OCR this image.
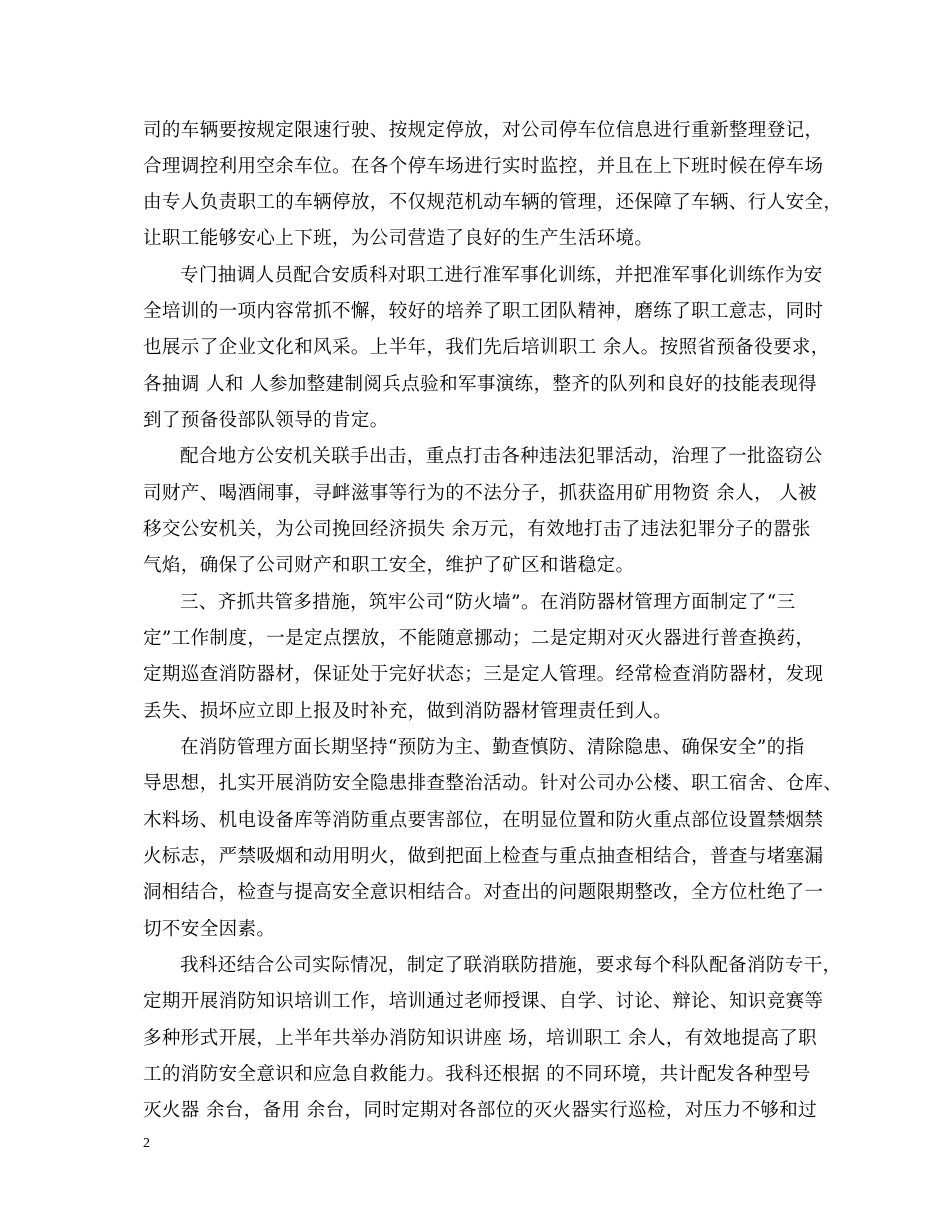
司的车辆要按规定限速行驶、按规定停放，对公司停车位信息进行重新整理登记，
合理调控利用空余车位。在各个停车场进行实时监控，并且在上下班时候在停车场
由专人负责职工的车辆停放，不仅规范机动车辆的管理，还保障了车辆、行人安全，
让职工能够安心上下班，为公司营造了良好的生产生活环境。
专门抽调人员配合安质科对职工进行准军事化训练，并把准军事化训练作为安
全培训的一项内容常抓不懈，较好的培养了职工团队精神，磨练了职工意志，同时
也展示了企业文化和风采。上半年，我们先后培训职工 余人。按照省预备役要求，
各抽调 人和 人参加整建制阅兵点验和军事演练，整齐的队列和良好的技能表现得
到了预备役部队领导的肯定。
配合地方公安机关联手出击，重点打击各种违法犯罪活动，治理了一批盗窃公
司财产、喝酒闹事，寻衅滋事等行为的不法分子，抓获盗用矿用物资 余人， 人被
移交公安机关，为公司挽回经济损失 余万元，有效地打击了违法犯罪分子的嚣张
气焰，确保了公司财产和职工安全，维护了矿区和谐稳定。
三、齐抓共管多措施，筑牢公司“防火墙”。在消防器材管理方面制定了“三
定”工作制度，一是定点摆放，不能随意挪动；二是定期对灭火器进行普查换药，
定期巡查消防器材，保证处于完好状态；三是定人管理。经常检查消防器材，发现
丢失、损坏应立即上报及时补充，做到消防器材管理责任到人。
在消防管理方面长期坚持“预防为主、勤查慎防、清除隐患、确保安全”的指
导思想，扎实开展消防安全隐患排查整治活动。针对公司办公楼、职工宿舍、仓库、
木料场、机电设备库等消防重点要害部位，在明显位置和防火重点部位设置禁烟禁
火标志，严禁吸烟和动用明火，做到把面上检查与重点抽查相结合，普查与堵塞漏
洞相结合，检查与提高安全意识相结合。对查出的问题限期整改，全方位杜绝了一
切不安全因素。
我科还结合公司实际情况，制定了联消联防措施，要求每个科队配备消防专干，
定期开展消防知识培训工作，培训通过老师授课、自学、讨论、辩论、知识竞赛等
多种形式开展，上半年共举办消防知识讲座 场，培训职工 余人，有效地提高了职
工的消防安全意识和应急自救能力。我科还根据 的不同环境，共计配发各种型号
灭火器 余台，备用 余台，同时定期对各部位的灭火器实行巡检，对压力不够和过
2
